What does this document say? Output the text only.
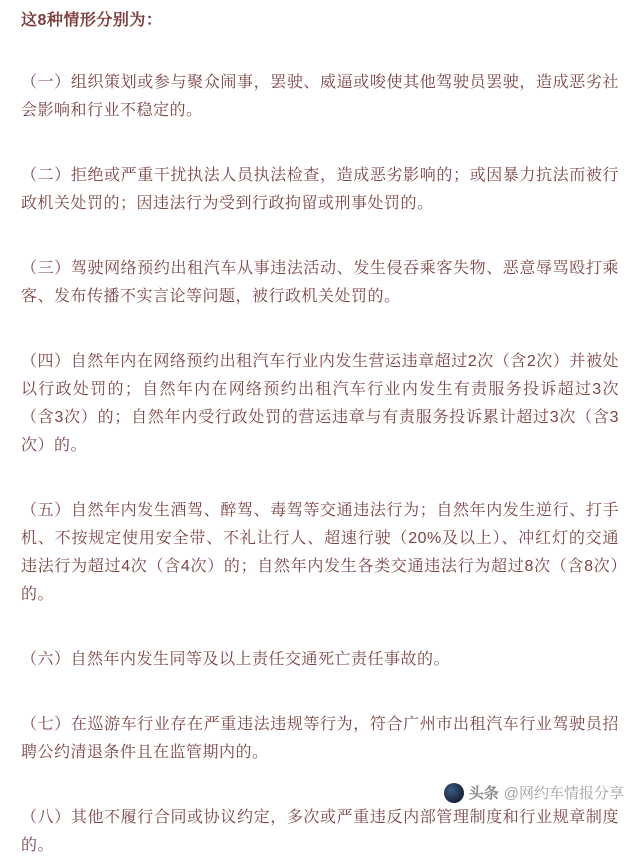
这8种情形分别为：

（一）组织策划或参与聚众闹事，罢驶、威逼或唆使其他驾驶员罢驶，造成恶劣社会影响和行业不稳定的。

（二）拒绝或严重干扰执法人员执法检查，造成恶劣影响的；或因暴力抗法而被行政机关处罚的；因违法行为受到行政拘留或刑事处罚的。

（三）驾驶网络预约出租汽车从事违法活动、发生侵吞乘客失物、恶意辱骂殴打乘客、发布传播不实言论等问题，被行政机关处罚的。

（四）自然年内在网络预约出租汽车行业内发生营运违章超过2次（含2次）并被处以行政处罚的；自然年内在网络预约出租汽车行业内发生有责服务投诉超过3次（含3次）的；自然年内受行政处罚的营运违章与有责服务投诉累计超过3次（含3次）的。

（五）自然年内发生酒驾、醉驾、毒驾等交通违法行为；自然年内发生逆行、打手机、不按规定使用安全带、不礼让行人、超速行驶（20%及以上）、冲红灯的交通违法行为超过4次（含4次）的；自然年内发生各类交通违法行为超过8次（含8次）的。

（六）自然年内发生同等及以上责任交通死亡责任事故的。

（七）在巡游车行业存在严重违法违规等行为，符合广州市出租汽车行业驾驶员招聘公约清退条件且在监管期内的。

（八）其他不履行合同或协议约定，多次或严重违反内部管理制度和行业规章制度的。

头条 @网约车情报分享
